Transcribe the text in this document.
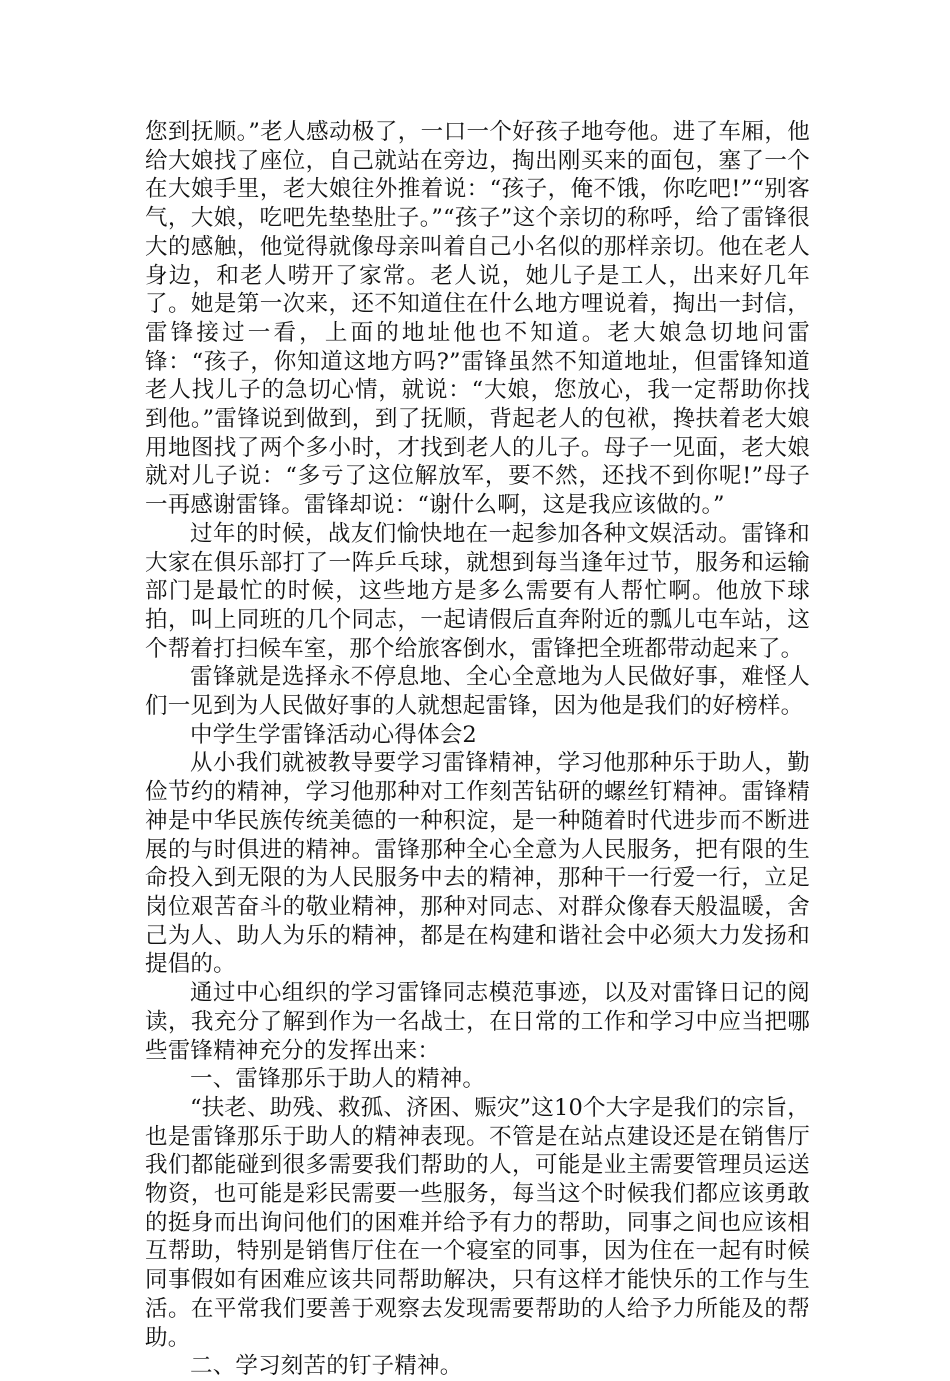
您到抚顺。”老人感动极了，一口一个好孩子地夸他。进了车厢，他给大娘找了座位，自己就站在旁边，掏出刚买来的面包，塞了一个在大娘手里，老大娘往外推着说：“孩子，俺不饿，你吃吧!”“别客气，大娘，吃吧先垫垫肚子。”“孩子”这个亲切的称呼，给了雷锋很大的感触，他觉得就像母亲叫着自己小名似的那样亲切。他在老人身边，和老人唠开了家常。老人说，她儿子是工人，出来好几年了。她是第一次来，还不知道住在什么地方哩说着，掏出一封信，雷锋接过一看，上面的地址他也不知道。老大娘急切地问雷锋：“孩子，你知道这地方吗?”雷锋虽然不知道地址，但雷锋知道老人找儿子的急切心情，就说：“大娘，您放心，我一定帮助你找到他。”雷锋说到做到，到了抚顺，背起老人的包袱，搀扶着老大娘用地图找了两个多小时，才找到老人的儿子。母子一见面，老大娘就对儿子说：“多亏了这位解放军，要不然，还找不到你呢!”母子一再感谢雷锋。雷锋却说：“谢什么啊，这是我应该做的。”

过年的时候，战友们愉快地在一起参加各种文娱活动。雷锋和大家在俱乐部打了一阵乒乓球，就想到每当逢年过节，服务和运输部门是最忙的时候，这些地方是多么需要有人帮忙啊。他放下球拍，叫上同班的几个同志，一起请假后直奔附近的瓢儿屯车站，这个帮着打扫候车室，那个给旅客倒水，雷锋把全班都带动起来了。

雷锋就是选择永不停息地、全心全意地为人民做好事，难怪人们一见到为人民做好事的人就想起雷锋，因为他是我们的好榜样。

中学生学雷锋活动心得体会2

从小我们就被教导要学习雷锋精神，学习他那种乐于助人，勤俭节约的精神，学习他那种对工作刻苦钻研的螺丝钉精神。雷锋精神是中华民族传统美德的一种积淀，是一种随着时代进步而不断进展的与时俱进的精神。雷锋那种全心全意为人民服务，把有限的生命投入到无限的为人民服务中去的精神，那种干一行爱一行，立足岗位艰苦奋斗的敬业精神，那种对同志、对群众像春天般温暖，舍己为人、助人为乐的精神，都是在构建和谐社会中必须大力发扬和提倡的。

通过中心组织的学习雷锋同志模范事迹，以及对雷锋日记的阅读，我充分了解到作为一名战士，在日常的工作和学习中应当把哪些雷锋精神充分的发挥出来：

一、雷锋那乐于助人的精神。

“扶老、助残、救孤、济困、赈灾”这10个大字是我们的宗旨，也是雷锋那乐于助人的精神表现。不管是在站点建设还是在销售厅我们都能碰到很多需要我们帮助的人，可能是业主需要管理员运送物资，也可能是彩民需要一些服务，每当这个时候我们都应该勇敢的挺身而出询问他们的困难并给予有力的帮助，同事之间也应该相互帮助，特别是销售厅住在一个寝室的同事，因为住在一起有时候同事假如有困难应该共同帮助解决，只有这样才能快乐的工作与生活。在平常我们要善于观察去发现需要帮助的人给予力所能及的帮助。

二、学习刻苦的钉子精神。
